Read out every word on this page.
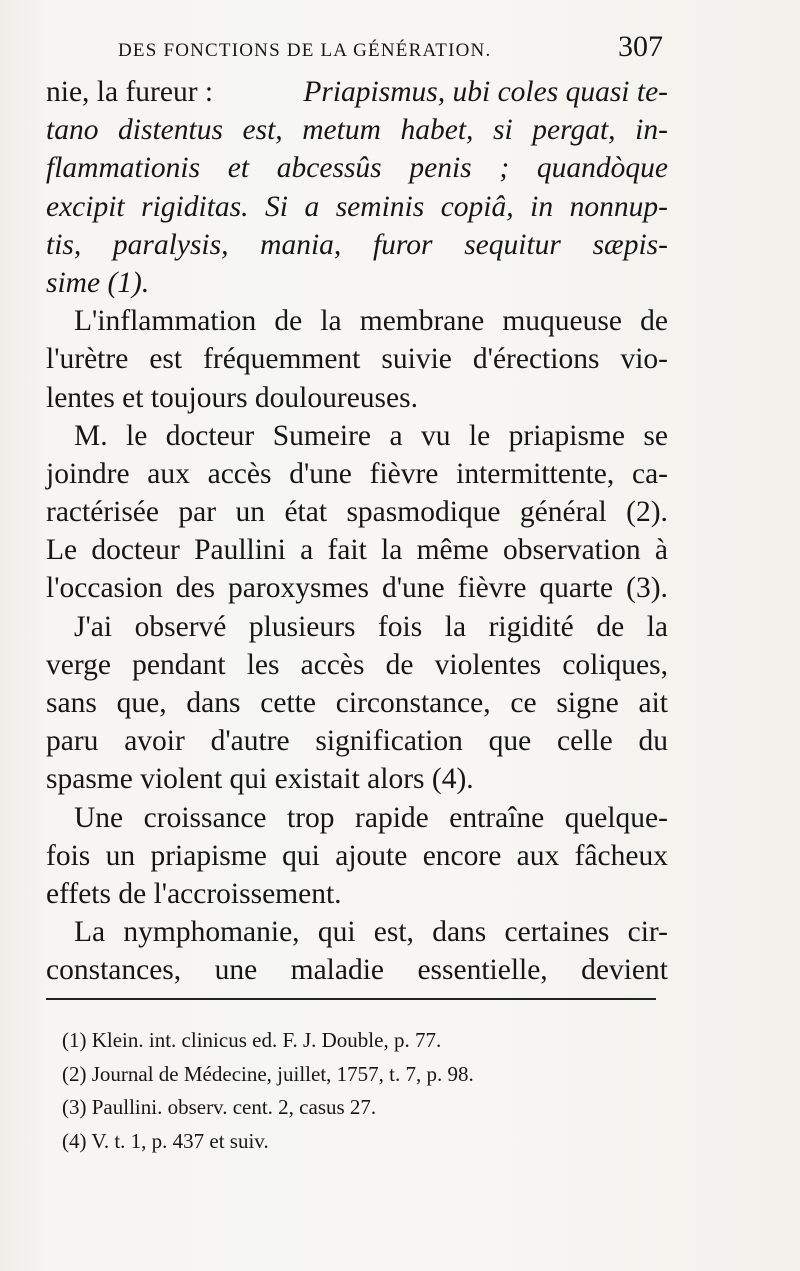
DES FONCTIONS DE LA GÉNÉRATION.	307
nie, la fureur :	Priapismus, ubi coles quasi te-
tano distentus est, metum habet, si pergat, in-
flammationis et abcessûs penis ; quandòque
excipit rigiditas. Si a seminis copiâ, in nonnup-
tis, paralysis, mania, furor sequitur sæpis-
sime (1).
L'inflammation de la membrane muqueuse de
l'urètre est fréquemment suivie d'érections vio-
lentes et toujours douloureuses.
M. le docteur Sumeire a vu le priapisme se
joindre aux accès d'une fièvre intermittente, ca-
ractérisée par un état spasmodique général (2).
Le docteur Paullini a fait la même observation à
l'occasion des paroxysmes d'une fièvre quarte (3).
J'ai observé plusieurs fois la rigidité de la
verge pendant les accès de violentes coliques,
sans que, dans cette circonstance, ce signe ait
paru avoir d'autre signification que celle du
spasme violent qui existait alors (4).
Une croissance trop rapide entraîne quelque-
fois un priapisme qui ajoute encore aux fâcheux
effets de l'accroissement.
La nymphomanie, qui est, dans certaines cir-
constances, une maladie essentielle, devient
(1) Klein. int. clinicus ed. F. J. Double, p. 77.
(2) Journal de Médecine, juillet, 1757, t. 7, p. 98.
(3) Paullini. observ. cent. 2, casus 27.
(4) V. t. 1, p. 437 et suiv.
